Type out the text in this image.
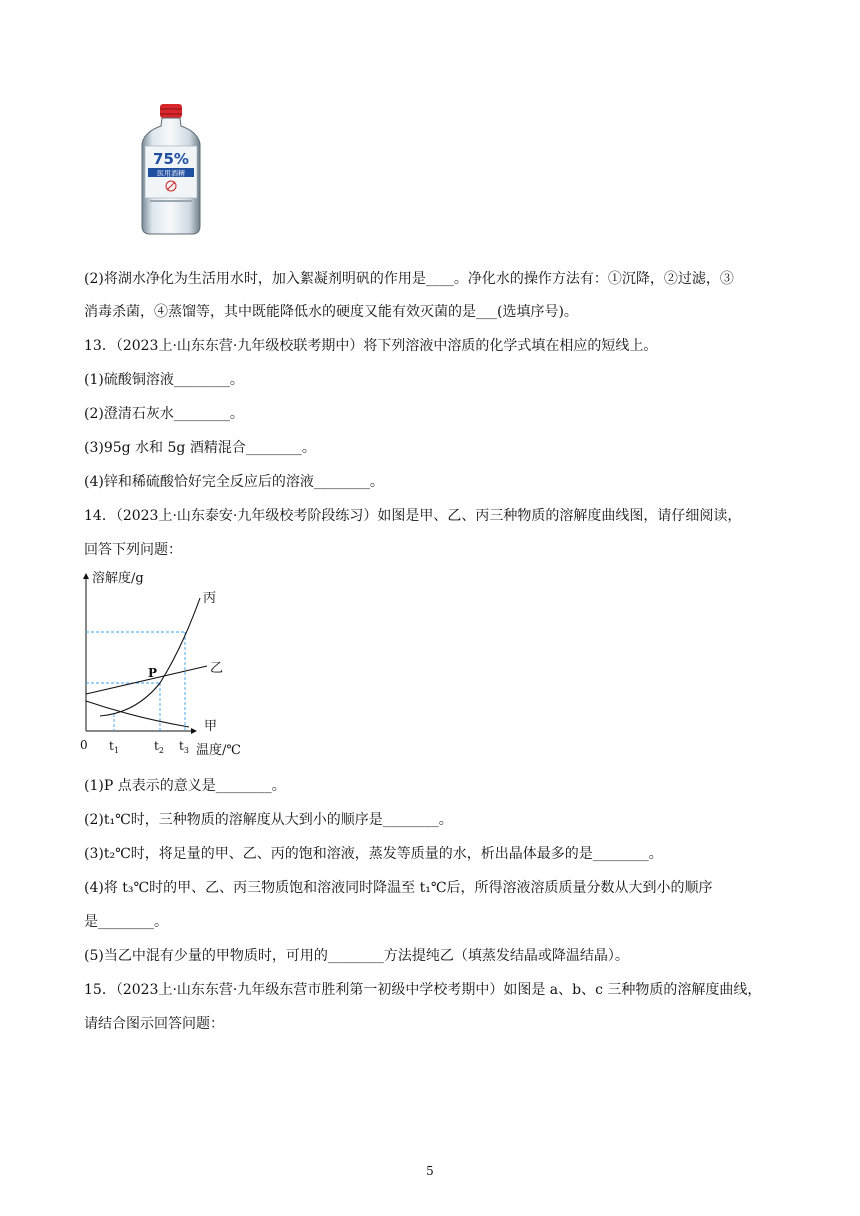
75%
医用酒精
(2)将湖水净化为生活用水时，加入絮凝剂明矾的作用是____。净化水的操作方法有：①沉降，②过滤，③
消毒杀菌，④蒸馏等，其中既能降低水的硬度又能有效灭菌的是___(选填序号)。
13．（2023上·山东东营·九年级校联考期中）将下列溶液中溶质的化学式填在相应的短线上。
(1)硫酸铜溶液________。
(2)澄清石灰水________。
(3)95g 水和 5g 酒精混合________。
(4)锌和稀硫酸恰好完全反应后的溶液________。
14．（2023上·山东泰安·九年级校考阶段练习）如图是甲、乙、丙三种物质的溶解度曲线图，请仔细阅读，
回答下列问题：
溶解度/g
丙
乙
甲
P
0 $t_1$	$t_2$ $t_3$ 温度/℃
(1)P 点表示的意义是________。
(2)t₁℃时，三种物质的溶解度从大到小的顺序是________。
(3)t₂℃时，将足量的甲、乙、丙的饱和溶液，蒸发等质量的水，析出晶体最多的是________。
(4)将 t₃℃时的甲、乙、丙三物质饱和溶液同时降温至 t₁℃后，所得溶液溶质质量分数从大到小的顺序
是________。
(5)当乙中混有少量的甲物质时，可用的________方法提纯乙（填蒸发结晶或降温结晶）。
15．（2023上·山东东营·九年级东营市胜利第一初级中学校考期中）如图是 a、b、c 三种物质的溶解度曲线，
请结合图示回答问题：
5
